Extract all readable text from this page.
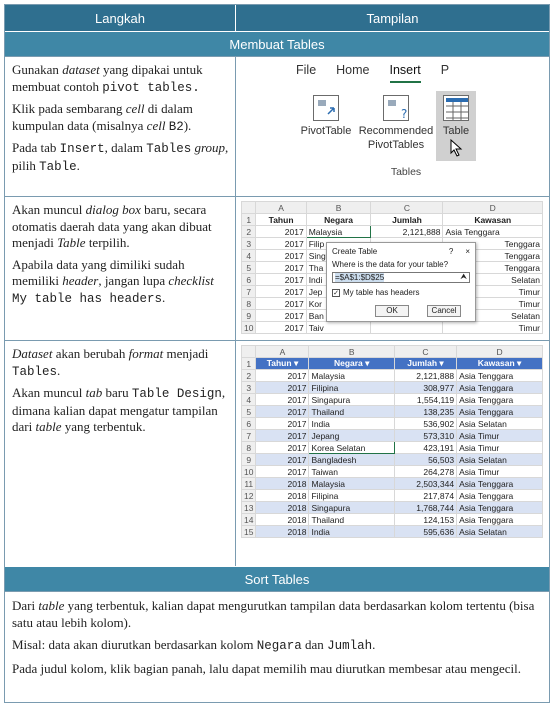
Langkah	Tampilan
Membuat Tables

Gunakan dataset yang dipakai untuk membuat contoh pivot tables.

Klik pada sembarang cell di dalam kumpulan data (misalnya cell B2).

Pada tab Insert, dalam Tables group, pilih Table.

File Home Insert P
PivotTable
?
Recommended
PivotTables
Table
Tables

Akan muncul dialog box baru, secara otomatis daerah data yang akan dibuat menjadi Table terpilih.

Apabila data yang dimiliki sudah memiliki header, jangan lupa checklist My table has headers.

	A	B	C	D
1	Tahun	Negara	Jumlah	Kawasan
2	2017	Malaysia	2,121,888	Asia Tenggara
3	2017	Filip		Tenggara
4	2017	Sing		Tenggara
5	2017	Tha		Tenggara
6	2017	Indi		Selatan
7	2017	Jep		Timur
8	2017	Kor		Timur
9	2017	Ban		Selatan
10	2017	Taiv		Timur
Create Table	? ×
Where is the data for your table?
=$A$1:$D$25	⮝
✓ My table has headers
OK	Cancel

Dataset akan berubah format menjadi Tables.

Akan muncul tab baru Table Design, dimana kalian dapat mengatur tampilan dari table yang terbentuk.

	A	B	C	D
1	Tahun ▾	Negara ▾	Jumlah ▾	Kawasan ▾
2	2017	Malaysia	2,121,888	Asia Tenggara
3	2017	Filipina	308,977	Asia Tenggara
4	2017	Singapura	1,554,119	Asia Tenggara
5	2017	Thailand	138,235	Asia Tenggara
6	2017	India	536,902	Asia Selatan
7	2017	Jepang	573,310	Asia Timur
8	2017	Korea Selatan	423,191	Asia Timur
9	2017	Bangladesh	56,503	Asia Selatan
10	2017	Taiwan	264,278	Asia Timur
11	2018	Malaysia	2,503,344	Asia Tenggara
12	2018	Filipina	217,874	Asia Tenggara
13	2018	Singapura	1,768,744	Asia Tenggara
14	2018	Thailand	124,153	Asia Tenggara
15	2018	India	595,636	Asia Selatan
Sort Tables

Dari table yang terbentuk, kalian dapat mengurutkan tampilan data berdasarkan kolom tertentu (bisa satu atau lebih kolom).

Misal: data akan diurutkan berdasarkan kolom Negara dan Jumlah.

Pada judul kolom, klik bagian panah, lalu dapat memilih mau diurutkan membesar atau mengecil.
